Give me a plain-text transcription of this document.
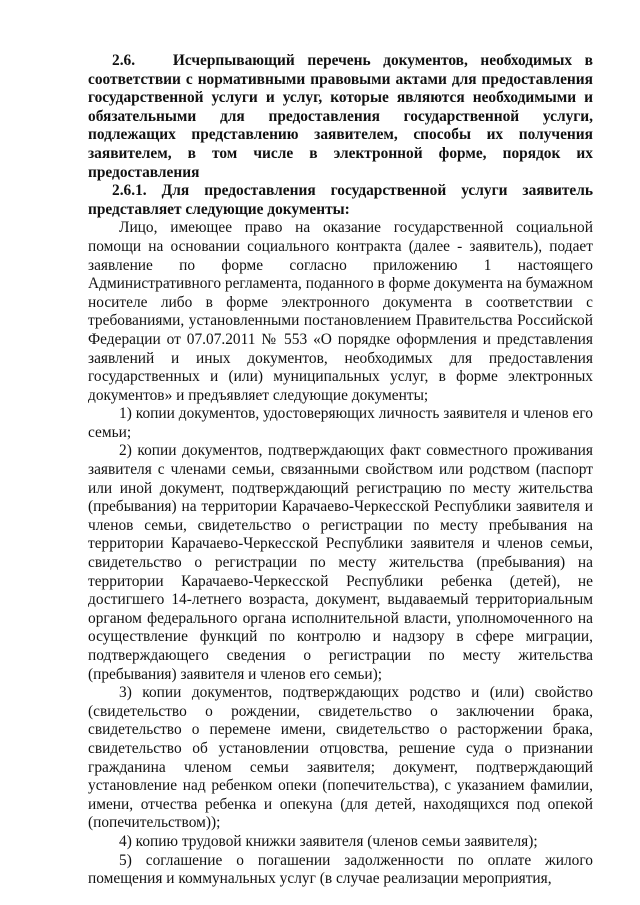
2.6. Исчерпывающий перечень документов, необходимых в соответствии с нормативными правовыми актами для предоставления государственной услуги и услуг, которые являются необходимыми и обязательными для предоставления государственной услуги, подлежащих представлению заявителем, способы их получения заявителем, в том числе в электронной форме, порядок их предоставления

2.6.1. Для предоставления государственной услуги заявитель представляет следующие документы:

Лицо, имеющее право на оказание государственной социальной помощи на основании социального контракта (далее - заявитель), подает заявление по форме согласно приложению 1 настоящего Административного регламента, поданного в форме документа на бумажном носителе либо в форме электронного документа в соответствии с требованиями, установленными постановлением Правительства Российской Федерации от 07.07.2011 № 553 «О порядке оформления и представления заявлений и иных документов, необходимых для предоставления государственных и (или) муниципальных услуг, в форме электронных документов» и предъявляет следующие документы;

1) копии документов, удостоверяющих личность заявителя и членов его семьи;

2) копии документов, подтверждающих факт совместного проживания заявителя с членами семьи, связанными свойством или родством (паспорт или иной документ, подтверждающий регистрацию по месту жительства (пребывания) на территории Карачаево-Черкесской Республики заявителя и членов семьи, свидетельство о регистрации по месту пребывания на территории Карачаево-Черкесской Республики заявителя и членов семьи, свидетельство о регистрации по месту жительства (пребывания) на территории Карачаево-Черкесской Республики ребенка (детей), не достигшего 14-летнего возраста, документ, выдаваемый территориальным органом федерального органа исполнительной власти, уполномоченного на осуществление функций по контролю и надзору в сфере миграции, подтверждающего сведения о регистрации по месту жительства (пребывания) заявителя и членов его семьи);

3) копии документов, подтверждающих родство и (или) свойство (свидетельство о рождении, свидетельство о заключении брака, свидетельство о перемене имени, свидетельство о расторжении брака, свидетельство об установлении отцовства, решение суда о признании гражданина членом семьи заявителя; документ, подтверждающий установление над ребенком опеки (попечительства), с указанием фамилии, имени, отчества ребенка и опекуна (для детей, находящихся под опекой (попечительством));

4) копию трудовой книжки заявителя (членов семьи заявителя);

5) соглашение о погашении задолженности по оплате жилого помещения и коммунальных услуг (в случае реализации мероприятия,
